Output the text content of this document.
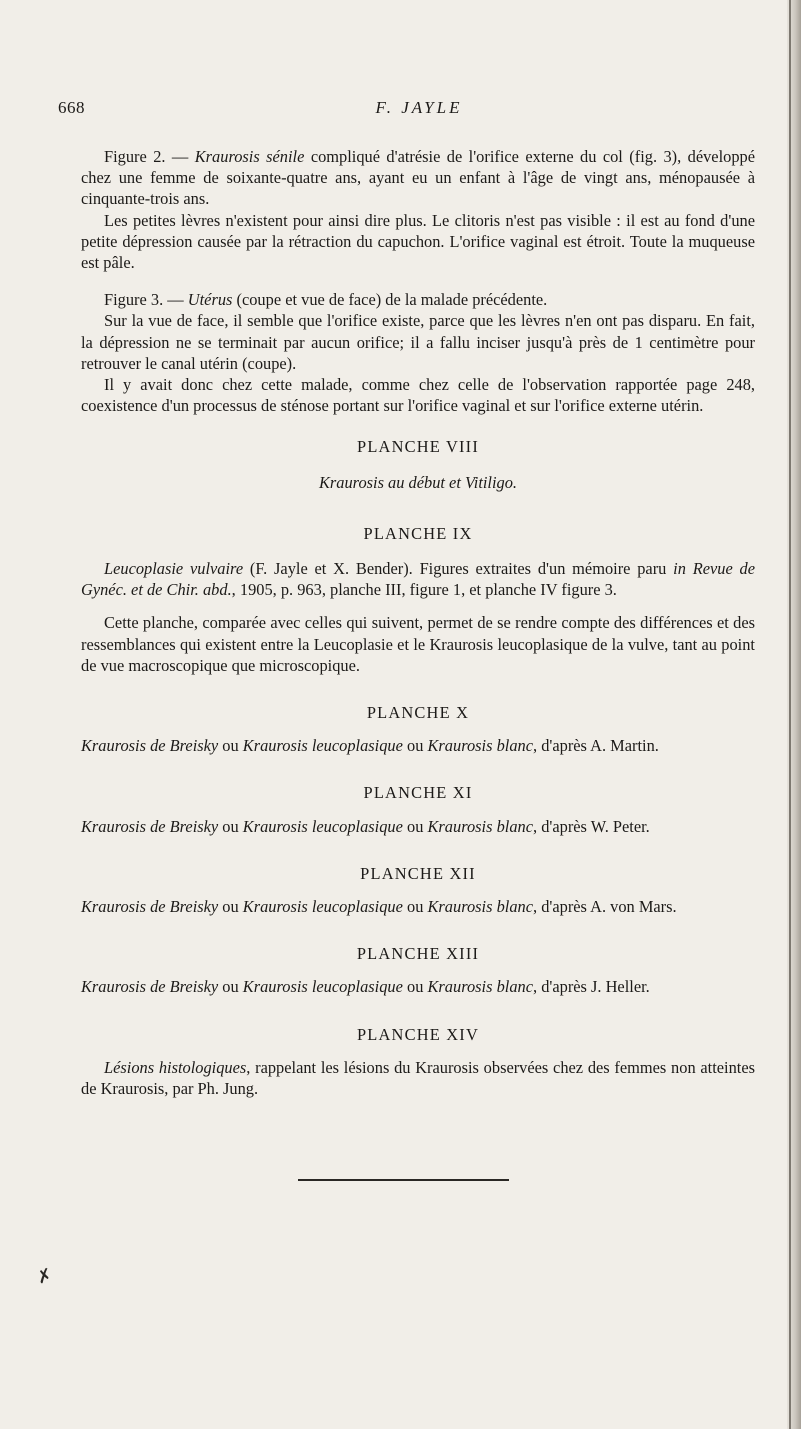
668	F. JAYLE

Figure 2. — Kraurosis sénile compliqué d'atrésie de l'orifice externe du col (fig. 3), développé chez une femme de soixante-quatre ans, ayant eu un enfant à l'âge de vingt ans, ménopausée à cinquante-trois ans.

Les petites lèvres n'existent pour ainsi dire plus. Le clitoris n'est pas visible : il est au fond d'une petite dépression causée par la rétraction du capuchon. L'orifice vaginal est étroit. Toute la muqueuse est pâle.

Figure 3. — Utérus (coupe et vue de face) de la malade précédente.

Sur la vue de face, il semble que l'orifice existe, parce que les lèvres n'en ont pas disparu. En fait, la dépression ne se terminait par aucun orifice; il a fallu inciser jusqu'à près de 1 centimètre pour retrouver le canal utérin (coupe).

Il y avait donc chez cette malade, comme chez celle de l'observation rapportée page 248, coexistence d'un processus de sténose portant sur l'orifice vaginal et sur l'orifice externe utérin.

PLANCHE VIII

Kraurosis au début et Vitiligo.

PLANCHE IX

Leucoplasie vulvaire (F. Jayle et X. Bender). Figures extraites d'un mémoire paru in Revue de Gynéc. et de Chir. abd., 1905, p. 963, planche III, figure 1, et planche IV figure 3.

Cette planche, comparée avec celles qui suivent, permet de se rendre compte des différences et des ressemblances qui existent entre la Leucoplasie et le Kraurosis leucoplasique de la vulve, tant au point de vue macroscopique que microscopique.

PLANCHE X

Kraurosis de Breisky ou Kraurosis leucoplasique ou Kraurosis blanc, d'après A. Martin.

PLANCHE XI

Kraurosis de Breisky ou Kraurosis leucoplasique ou Kraurosis blanc, d'après W. Peter.

PLANCHE XII

Kraurosis de Breisky ou Kraurosis leucoplasique ou Kraurosis blanc, d'après A. von Mars.

PLANCHE XIII

Kraurosis de Breisky ou Kraurosis leucoplasique ou Kraurosis blanc, d'après J. Heller.

PLANCHE XIV

Lésions histologiques, rappelant les lésions du Kraurosis observées chez des femmes non atteintes de Kraurosis, par Ph. Jung.

✗
